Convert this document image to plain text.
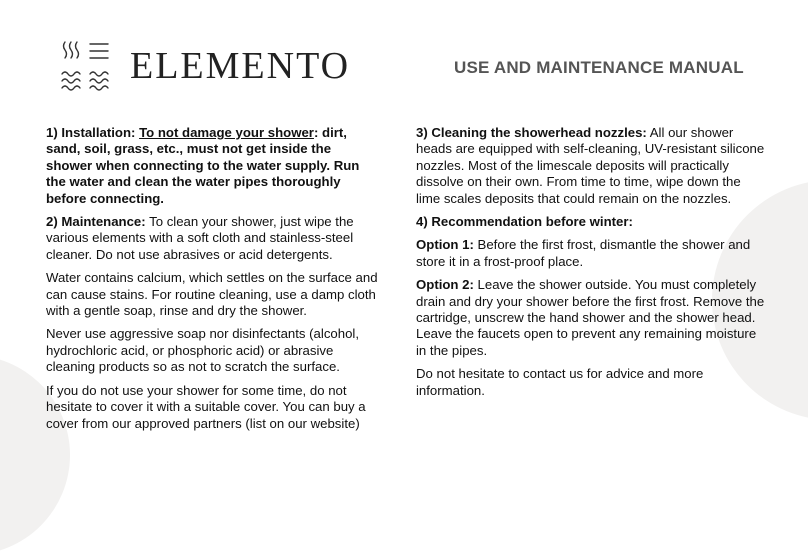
ELEMENTO	USE AND MAINTENANCE MANUAL

1) Installation: To not damage your shower: dirt, sand, soil, grass, etc., must not get inside the shower when connecting to the water supply. Run the water and clean the water pipes thoroughly before connecting.

2) Maintenance: To clean your shower, just wipe the various elements with a soft cloth and stainless-steel cleaner. Do not use abrasives or acid detergents.

Water contains calcium, which settles on the surface and can cause stains. For routine cleaning, use a damp cloth with a gentle soap, rinse and dry the shower.

Never use aggressive soap nor disinfectants (alcohol, hydrochloric acid, or phosphoric acid) or abrasive cleaning products so as not to scratch the surface.

If you do not use your shower for some time, do not hesitate to cover it with a suitable cover. You can buy a cover from our approved partners (list on our website)

3) Cleaning the showerhead nozzles: All our shower heads are equipped with self-cleaning, UV-resistant silicone nozzles. Most of the limescale deposits will practically dissolve on their own. From time to time, wipe down the lime scales deposits that could remain on the nozzles.

4) Recommendation before winter:

Option 1: Before the first frost, dismantle the shower and store it in a frost-proof place.

Option 2: Leave the shower outside. You must completely drain and dry your shower before the first frost. Remove the cartridge, unscrew the hand shower and the shower head. Leave the faucets open to prevent any remaining moisture in the pipes.

Do not hesitate to contact us for advice and more information.
